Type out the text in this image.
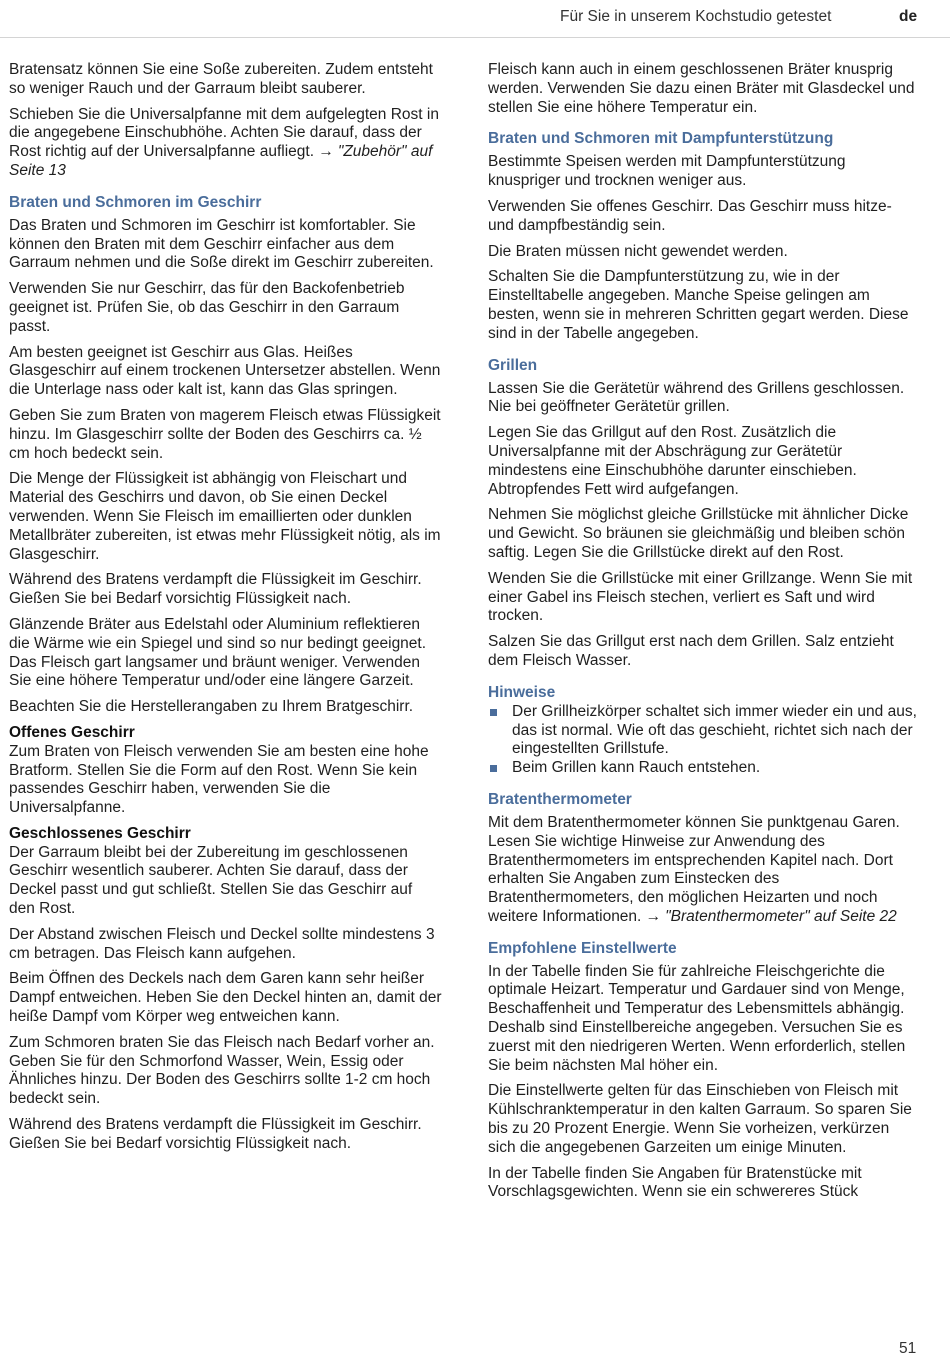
Für Sie in unserem Kochstudio getestet	de

Bratensatz können Sie eine Soße zubereiten. Zudem entsteht so weniger Rauch und der Garraum bleibt sauberer.

Schieben Sie die Universalpfanne mit dem aufgelegten Rost in die angegebene Einschubhöhe. Achten Sie darauf, dass der Rost richtig auf der Universalpfanne aufliegt. → "Zubehör" auf Seite 13

Braten und Schmoren im Geschirr

Das Braten und Schmoren im Geschirr ist komfortabler. Sie können den Braten mit dem Geschirr einfacher aus dem Garraum nehmen und die Soße direkt im Geschirr zubereiten.

Verwenden Sie nur Geschirr, das für den Backofenbetrieb geeignet ist. Prüfen Sie, ob das Geschirr in den Garraum passt.

Am besten geeignet ist Geschirr aus Glas. Heißes Glasgeschirr auf einem trockenen Untersetzer abstellen. Wenn die Unterlage nass oder kalt ist, kann das Glas springen.

Geben Sie zum Braten von magerem Fleisch etwas Flüssigkeit hinzu. Im Glasgeschirr sollte der Boden des Geschirrs ca. ½ cm hoch bedeckt sein.

Die Menge der Flüssigkeit ist abhängig von Fleischart und Material des Geschirrs und davon, ob Sie einen Deckel verwenden. Wenn Sie Fleisch im emaillierten oder dunklen Metallbräter zubereiten, ist etwas mehr Flüssigkeit nötig, als im Glasgeschirr.

Während des Bratens verdampft die Flüssigkeit im Geschirr. Gießen Sie bei Bedarf vorsichtig Flüssigkeit nach.

Glänzende Bräter aus Edelstahl oder Aluminium reflektieren die Wärme wie ein Spiegel und sind so nur bedingt geeignet. Das Fleisch gart langsamer und bräunt weniger. Verwenden Sie eine höhere Temperatur und/oder eine längere Garzeit.

Beachten Sie die Herstellerangaben zu Ihrem Bratgeschirr.

Offenes Geschirr

Zum Braten von Fleisch verwenden Sie am besten eine hohe Bratform. Stellen Sie die Form auf den Rost. Wenn Sie kein passendes Geschirr haben, verwenden Sie die Universalpfanne.

Geschlossenes Geschirr

Der Garraum bleibt bei der Zubereitung im geschlossenen Geschirr wesentlich sauberer. Achten Sie darauf, dass der Deckel passt und gut schließt. Stellen Sie das Geschirr auf den Rost.

Der Abstand zwischen Fleisch und Deckel sollte mindestens 3 cm betragen. Das Fleisch kann aufgehen.

Beim Öffnen des Deckels nach dem Garen kann sehr heißer Dampf entweichen. Heben Sie den Deckel hinten an, damit der heiße Dampf vom Körper weg entweichen kann.

Zum Schmoren braten Sie das Fleisch nach Bedarf vorher an. Geben Sie für den Schmorfond Wasser, Wein, Essig oder Ähnliches hinzu. Der Boden des Geschirrs sollte 1-2 cm hoch bedeckt sein.

Während des Bratens verdampft die Flüssigkeit im Geschirr. Gießen Sie bei Bedarf vorsichtig Flüssigkeit nach.

Fleisch kann auch in einem geschlossenen Bräter knusprig werden. Verwenden Sie dazu einen Bräter mit Glasdeckel und stellen Sie eine höhere Temperatur ein.

Braten und Schmoren mit Dampfunterstützung

Bestimmte Speisen werden mit Dampfunterstützung knuspriger und trocknen weniger aus.

Verwenden Sie offenes Geschirr. Das Geschirr muss hitze- und dampfbeständig sein.

Die Braten müssen nicht gewendet werden.

Schalten Sie die Dampfunterstützung zu, wie in der Einstelltabelle angegeben. Manche Speise gelingen am besten, wenn sie in mehreren Schritten gegart werden. Diese sind in der Tabelle angegeben.

Grillen

Lassen Sie die Gerätetür während des Grillens geschlossen. Nie bei geöffneter Gerätetür grillen.

Legen Sie das Grillgut auf den Rost. Zusätzlich die Universalpfanne mit der Abschrägung zur Gerätetür mindestens eine Einschubhöhe darunter einschieben. Abtropfendes Fett wird aufgefangen.

Nehmen Sie möglichst gleiche Grillstücke mit ähnlicher Dicke und Gewicht. So bräunen sie gleichmäßig und bleiben schön saftig. Legen Sie die Grillstücke direkt auf den Rost.

Wenden Sie die Grillstücke mit einer Grillzange. Wenn Sie mit einer Gabel ins Fleisch stechen, verliert es Saft und wird trocken.

Salzen Sie das Grillgut erst nach dem Grillen. Salz entzieht dem Fleisch Wasser.

Hinweise
Der Grillheizkörper schaltet sich immer wieder ein und aus, das ist normal. Wie oft das geschieht, richtet sich nach der eingestellten Grillstufe.
Beim Grillen kann Rauch entstehen.
Bratenthermometer

Mit dem Bratenthermometer können Sie punktgenau Garen. Lesen Sie wichtige Hinweise zur Anwendung des Bratenthermometers im entsprechenden Kapitel nach. Dort erhalten Sie Angaben zum Einstecken des Bratenthermometers, den möglichen Heizarten und noch weitere Informationen. → "Bratenthermometer" auf Seite 22

Empfohlene Einstellwerte

In der Tabelle finden Sie für zahlreiche Fleischgerichte die optimale Heizart. Temperatur und Gardauer sind von Menge, Beschaffenheit und Temperatur des Lebensmittels abhängig. Deshalb sind Einstellbereiche angegeben. Versuchen Sie es zuerst mit den niedrigeren Werten. Wenn erforderlich, stellen Sie beim nächsten Mal höher ein.

Die Einstellwerte gelten für das Einschieben von Fleisch mit Kühlschranktemperatur in den kalten Garraum. So sparen Sie bis zu 20 Prozent Energie. Wenn Sie vorheizen, verkürzen sich die angegebenen Garzeiten um einige Minuten.

In der Tabelle finden Sie Angaben für Bratenstücke mit Vorschlagsgewichten. Wenn sie ein schwereres Stück

51
